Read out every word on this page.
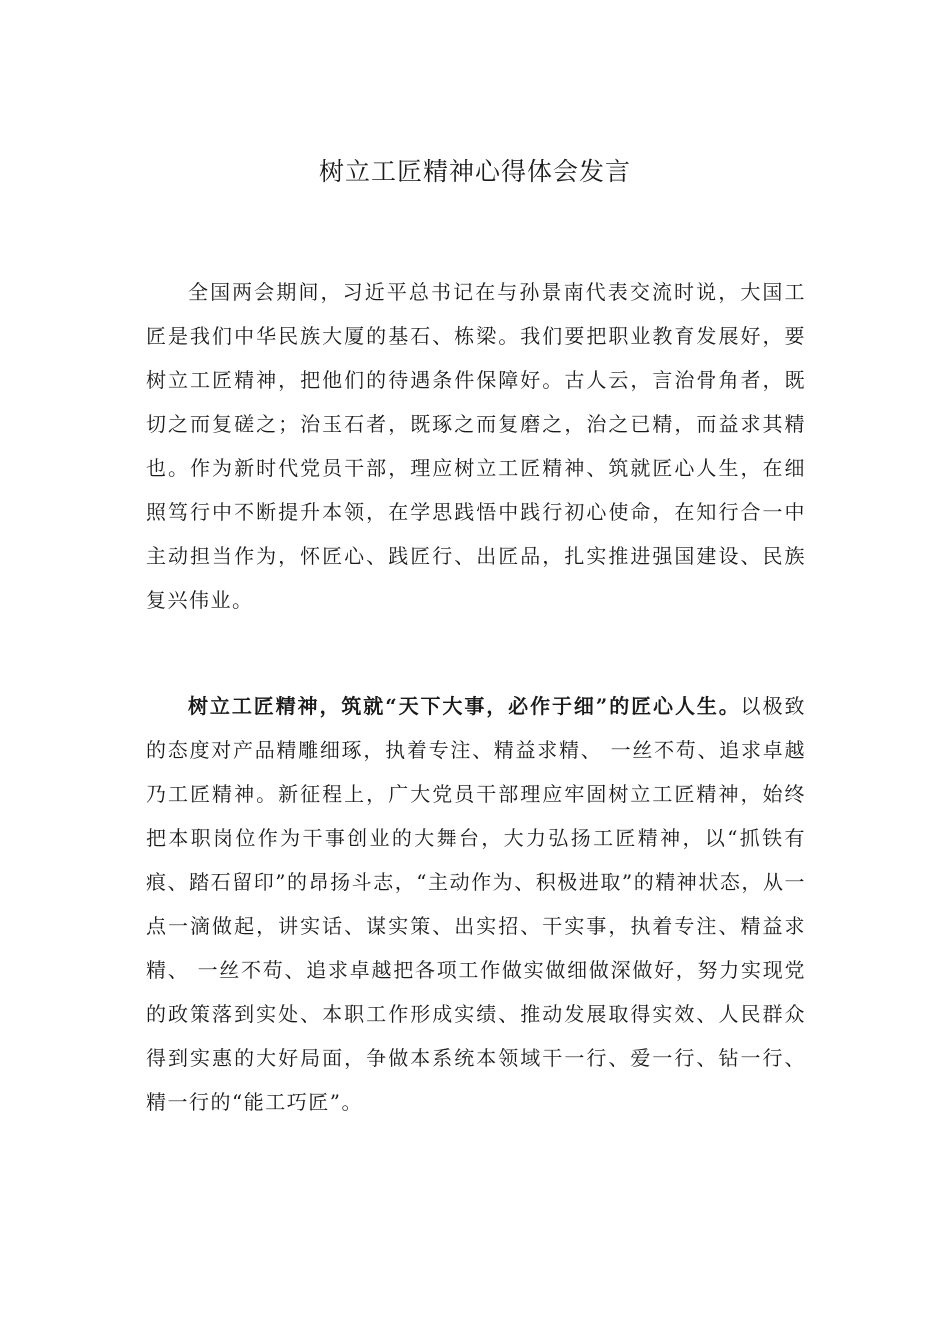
树立工匠精神心得体会发言

全国两会期间，习近平总书记在与孙景南代表交流时说，大国工匠是我们中华民族大厦的基石、栋梁。我们要把职业教育发展好，要树立工匠精神，把他们的待遇条件保障好。古人云，言治骨角者，既切之而复磋之；治玉石者，既琢之而复磨之，治之已精，而益求其精也。作为新时代党员干部，理应树立工匠精神、筑就匠心人生，在细照笃行中不断提升本领，在学思践悟中践行初心使命，在知行合一中主动担当作为，怀匠心、践匠行、出匠品，扎实推进强国建设、民族复兴伟业。

树立工匠精神，筑就“天下大事，必作于细”的匠心人生。以极致的态度对产品精雕细琢，执着专注、精益求精、 一丝不苟、追求卓越乃工匠精神。新征程上，广大党员干部理应牢固树立工匠精神，始终把本职岗位作为干事创业的大舞台，大力弘扬工匠精神，以“抓铁有痕、踏石留印”的昂扬斗志，“主动作为、积极进取”的精神状态，从一点一滴做起，讲实话、谋实策、出实招、干实事，执着专注、精益求精、 一丝不苟、追求卓越把各项工作做实做细做深做好，努力实现党的政策落到实处、本职工作形成实绩、推动发展取得实效、人民群众得到实惠的大好局面，争做本系统本领域干一行、爱一行、钻一行、精一行的“能工巧匠”。
